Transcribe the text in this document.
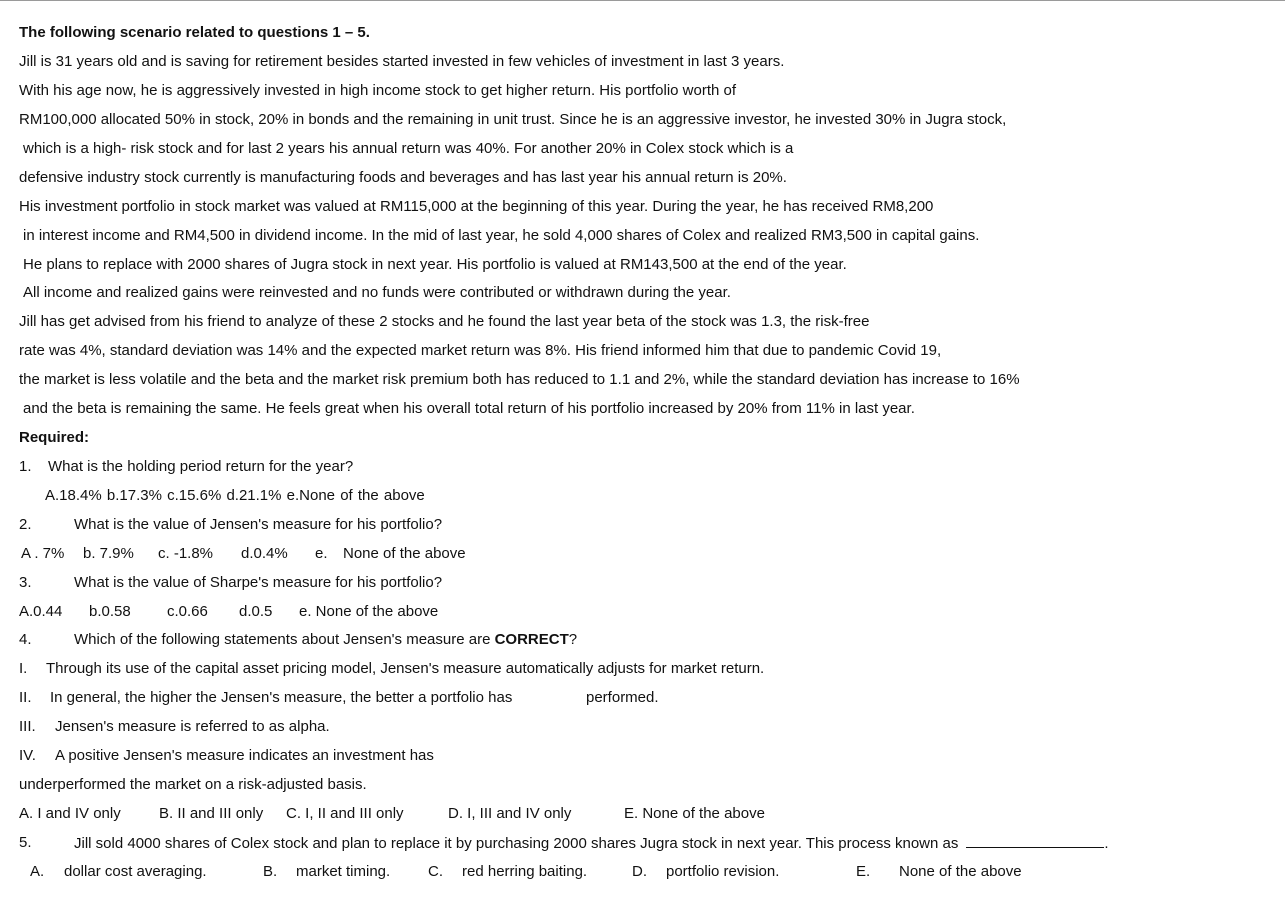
The following scenario related to questions 1 – 5.
Jill is 31 years old and is saving for retirement besides started invested in few vehicles of investment in last 3 years.
With his age now, he is aggressively invested in high income stock to get higher return. His portfolio worth of
RM100,000 allocated 50% in stock, 20% in bonds and the remaining in unit trust. Since he is an aggressive investor, he invested 30% in Jugra stock,
which is a high- risk stock and for last 2 years his annual return was 40%. For another 20% in Colex stock which is a
defensive industry stock currently is manufacturing foods and beverages and has last year his annual return is 20%.
His investment portfolio in stock market was valued at RM115,000 at the beginning of this year. During the year, he has received RM8,200
in interest income and RM4,500 in dividend income. In the mid of last year, he sold 4,000 shares of Colex and realized RM3,500 in capital gains.
He plans to replace with 2000 shares of Jugra stock in next year. His portfolio is valued at RM143,500 at the end of the year.
All income and realized gains were reinvested and no funds were contributed or withdrawn during the year.
Jill has get advised from his friend to analyze of these 2 stocks and he found the last year beta of the stock was 1.3, the risk-free
rate was 4%, standard deviation was 14% and the expected market return was 8%. His friend informed him that due to pandemic Covid 19,
the market is less volatile and the beta and the market risk premium both has reduced to 1.1 and 2%, while the standard deviation has increase to 16%
and the beta is remaining the same. He feels great when his overall total return of his portfolio increased by 20% from 11% in last year.
Required:
1. What is the holding period return for the year?
A.18.4% b.17.3% c.15.6% d.21.1% e.None of the above
2.	What is the value of Jensen's measure for his portfolio?
A . 7% b. 7.9% c. -1.8% d.0.4% e. None of the above
3.	What is the value of Sharpe's measure for his portfolio?
A.0.44 b.0.58 c.0.66 d.0.5 e. None of the above
4.	Which of the following statements about Jensen's measure are CORRECT?
I. Through its use of the capital asset pricing model, Jensen's measure automatically adjusts for market return.
II. In general, the higher the Jensen's measure, the better a portfolio has	performed.
III. Jensen's measure is referred to as alpha.
IV. A positive Jensen's measure indicates an investment has
underperformed the market on a risk-adjusted basis.
A. I and IV only	B. II and III only C. I, II and III only	D. I, III and IV only	E. None of the above
5.	Jill sold 4000 shares of Colex stock and plan to replace it by purchasing 2000 shares Jugra stock in next year. This process known as	.
A. dollar cost averaging.	B. market timing.	C. red herring baiting.	D. portfolio revision.	E. None of the above
